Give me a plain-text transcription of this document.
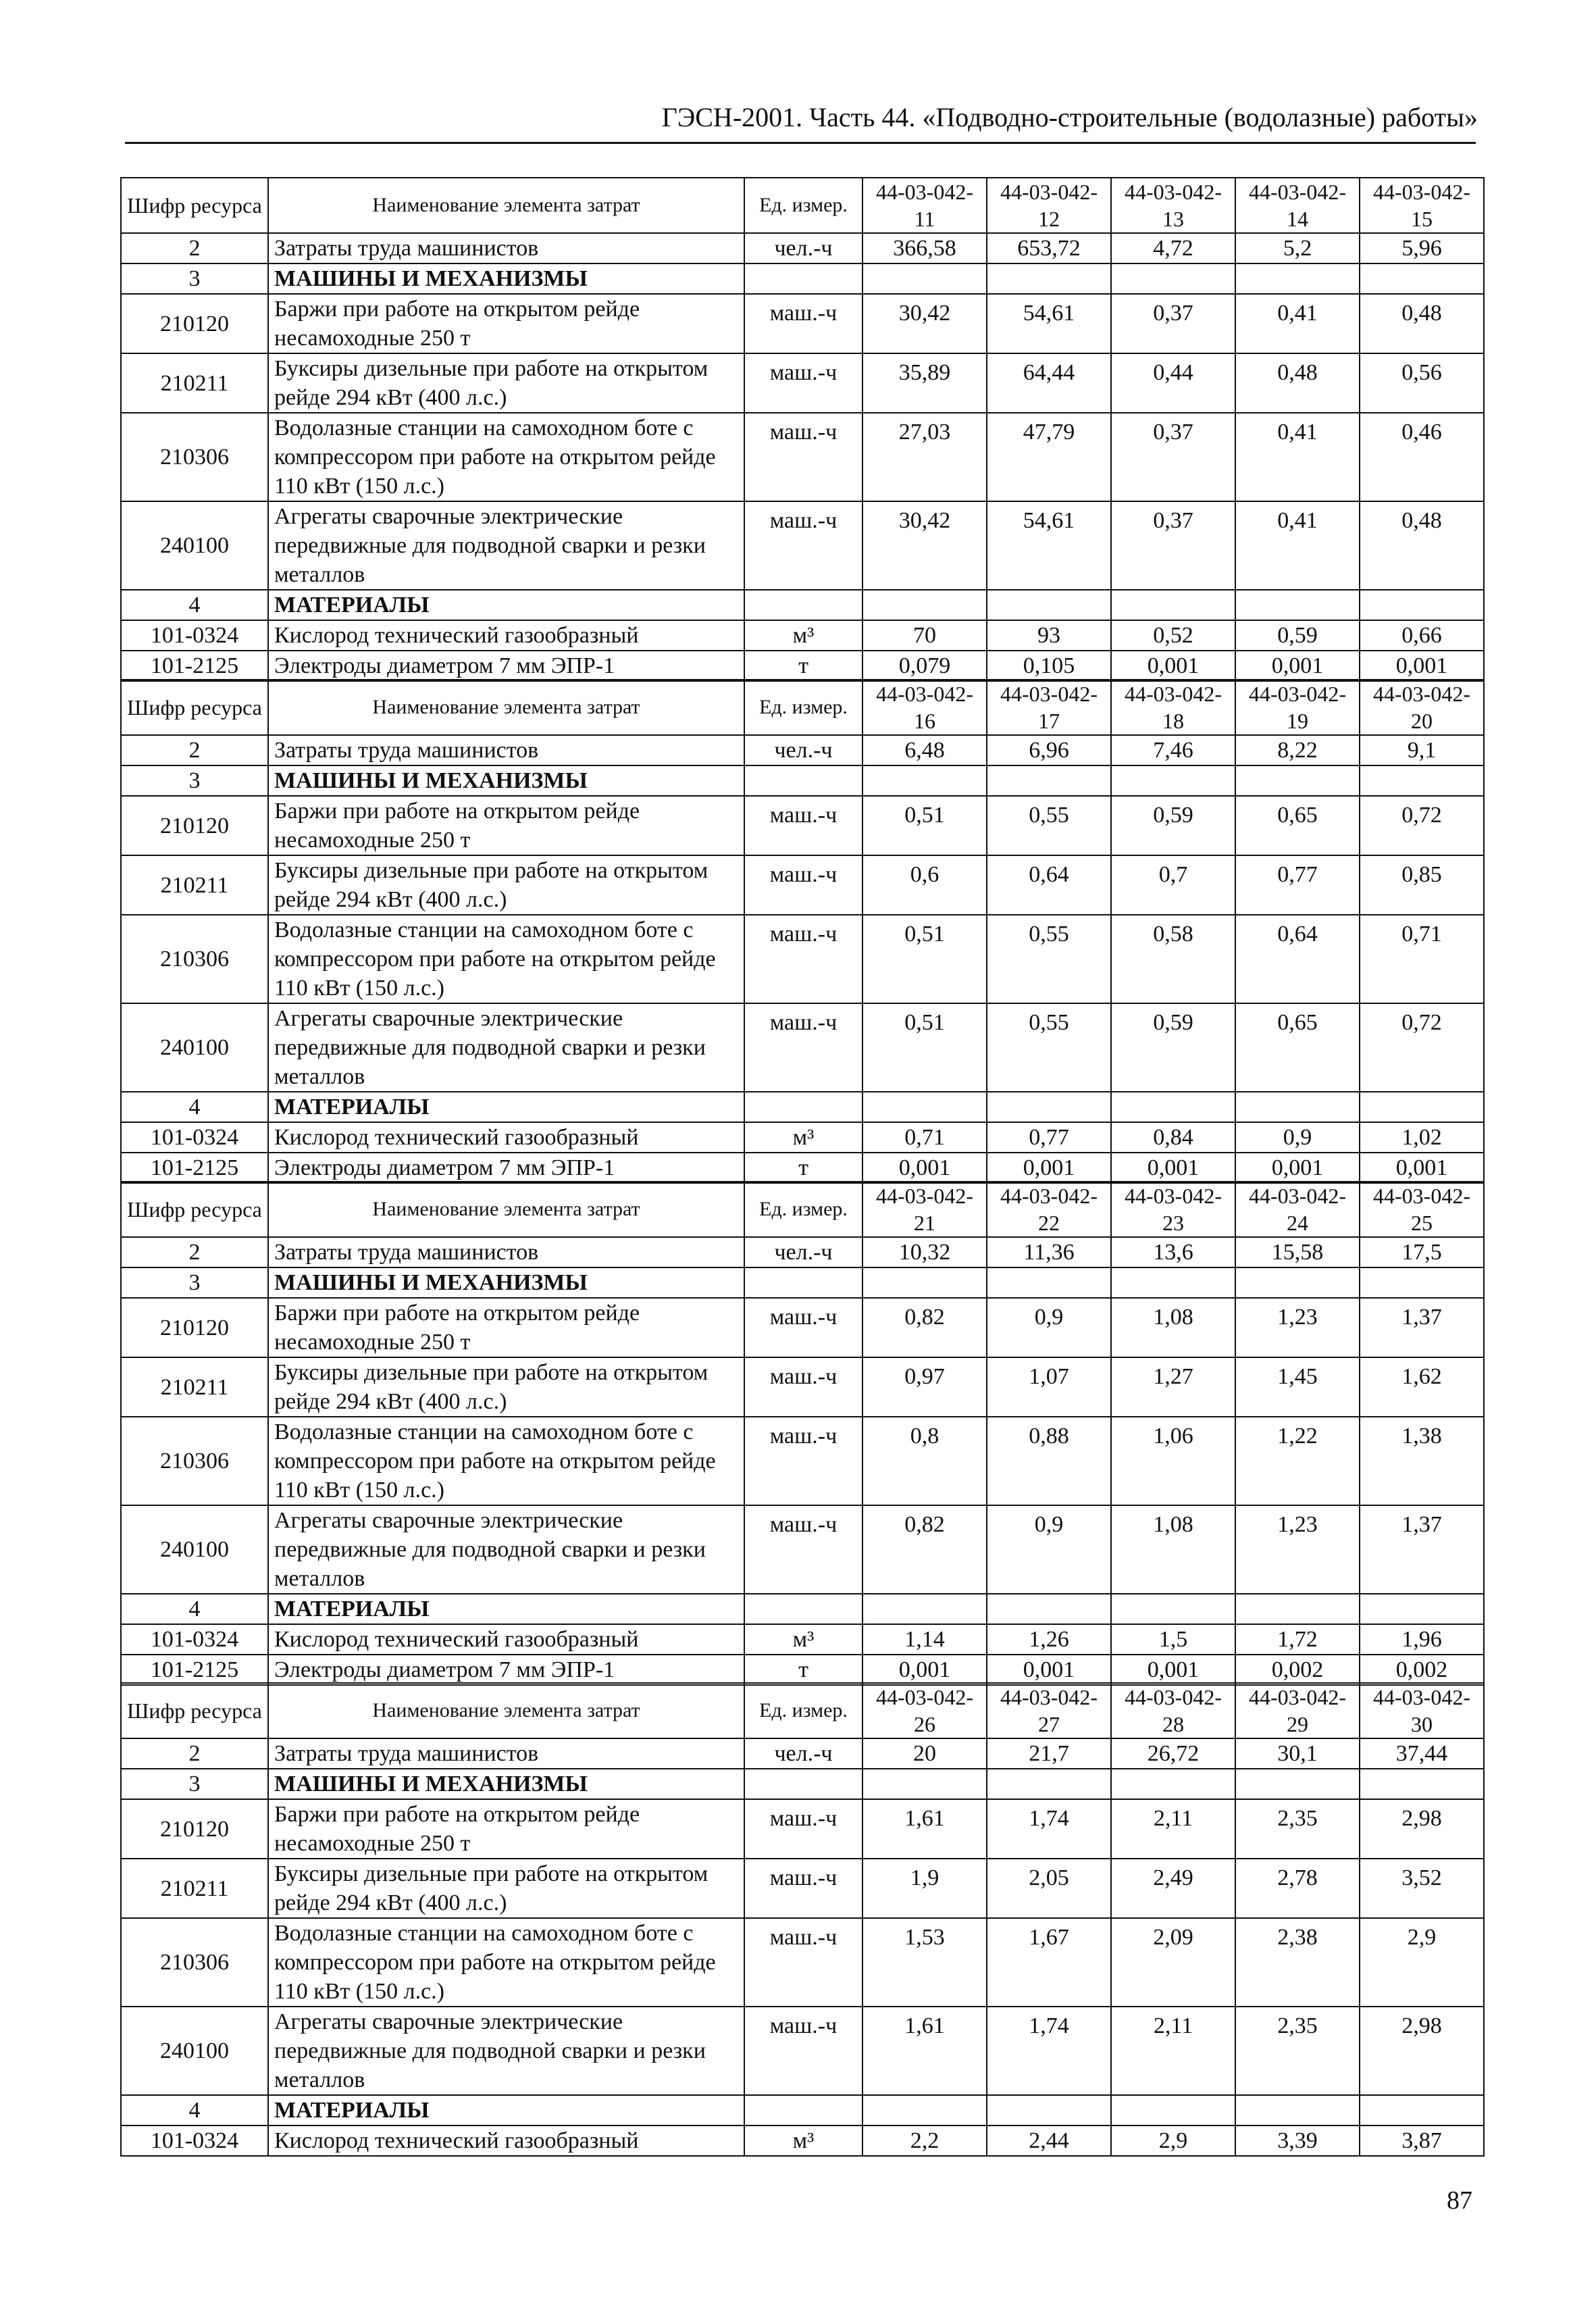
ГЭСН-2001. Часть 44. «Подводно-строительные (водолазные) работы»
Шифр ресурса	Наименование элемента затрат	Ед. измер.	44-03-042-11	44-03-042-12	44-03-042-13	44-03-042-14	44-03-042-15
2	Затраты труда машинистов	чел.-ч	366,58	653,72	4,72	5,2	5,96
3	МАШИНЫ И МЕХАНИЗМЫ						
210120	Баржи при работе на открытом рейде несамоходные 250 т	маш.-ч	30,42	54,61	0,37	0,41	0,48
210211	Буксиры дизельные при работе на открытом рейде 294 кВт (400 л.с.)	маш.-ч	35,89	64,44	0,44	0,48	0,56
210306	Водолазные станции на самоходном боте с компрессором при работе на открытом рейде 110 кВт (150 л.с.)	маш.-ч	27,03	47,79	0,37	0,41	0,46
240100	Агрегаты сварочные электрические передвижные для подводной сварки и резки металлов	маш.-ч	30,42	54,61	0,37	0,41	0,48
4	МАТЕРИАЛЫ						
101-0324	Кислород технический газообразный	м³	70	93	0,52	0,59	0,66
101-2125	Электроды диаметром 7 мм ЭПР-1	т	0,079	0,105	0,001	0,001	0,001
Шифр ресурса	Наименование элемента затрат	Ед. измер.	44-03-042-16	44-03-042-17	44-03-042-18	44-03-042-19	44-03-042-20
2	Затраты труда машинистов	чел.-ч	6,48	6,96	7,46	8,22	9,1
3	МАШИНЫ И МЕХАНИЗМЫ						
210120	Баржи при работе на открытом рейде несамоходные 250 т	маш.-ч	0,51	0,55	0,59	0,65	0,72
210211	Буксиры дизельные при работе на открытом рейде 294 кВт (400 л.с.)	маш.-ч	0,6	0,64	0,7	0,77	0,85
210306	Водолазные станции на самоходном боте с компрессором при работе на открытом рейде 110 кВт (150 л.с.)	маш.-ч	0,51	0,55	0,58	0,64	0,71
240100	Агрегаты сварочные электрические передвижные для подводной сварки и резки металлов	маш.-ч	0,51	0,55	0,59	0,65	0,72
4	МАТЕРИАЛЫ						
101-0324	Кислород технический газообразный	м³	0,71	0,77	0,84	0,9	1,02
101-2125	Электроды диаметром 7 мм ЭПР-1	т	0,001	0,001	0,001	0,001	0,001
Шифр ресурса	Наименование элемента затрат	Ед. измер.	44-03-042-21	44-03-042-22	44-03-042-23	44-03-042-24	44-03-042-25
2	Затраты труда машинистов	чел.-ч	10,32	11,36	13,6	15,58	17,5
3	МАШИНЫ И МЕХАНИЗМЫ						
210120	Баржи при работе на открытом рейде несамоходные 250 т	маш.-ч	0,82	0,9	1,08	1,23	1,37
210211	Буксиры дизельные при работе на открытом рейде 294 кВт (400 л.с.)	маш.-ч	0,97	1,07	1,27	1,45	1,62
210306	Водолазные станции на самоходном боте с компрессором при работе на открытом рейде 110 кВт (150 л.с.)	маш.-ч	0,8	0,88	1,06	1,22	1,38
240100	Агрегаты сварочные электрические передвижные для подводной сварки и резки металлов	маш.-ч	0,82	0,9	1,08	1,23	1,37
4	МАТЕРИАЛЫ						
101-0324	Кислород технический газообразный	м³	1,14	1,26	1,5	1,72	1,96
101-2125	Электроды диаметром 7 мм ЭПР-1	т	0,001	0,001	0,001	0,002	0,002
Шифр ресурса	Наименование элемента затрат	Ед. измер.	44-03-042-26	44-03-042-27	44-03-042-28	44-03-042-29	44-03-042-30
2	Затраты труда машинистов	чел.-ч	20	21,7	26,72	30,1	37,44
3	МАШИНЫ И МЕХАНИЗМЫ						
210120	Баржи при работе на открытом рейде несамоходные 250 т	маш.-ч	1,61	1,74	2,11	2,35	2,98
210211	Буксиры дизельные при работе на открытом рейде 294 кВт (400 л.с.)	маш.-ч	1,9	2,05	2,49	2,78	3,52
210306	Водолазные станции на самоходном боте с компрессором при работе на открытом рейде 110 кВт (150 л.с.)	маш.-ч	1,53	1,67	2,09	2,38	2,9
240100	Агрегаты сварочные электрические передвижные для подводной сварки и резки металлов	маш.-ч	1,61	1,74	2,11	2,35	2,98
4	МАТЕРИАЛЫ						
101-0324	Кислород технический газообразный	м³	2,2	2,44	2,9	3,39	3,87
87
